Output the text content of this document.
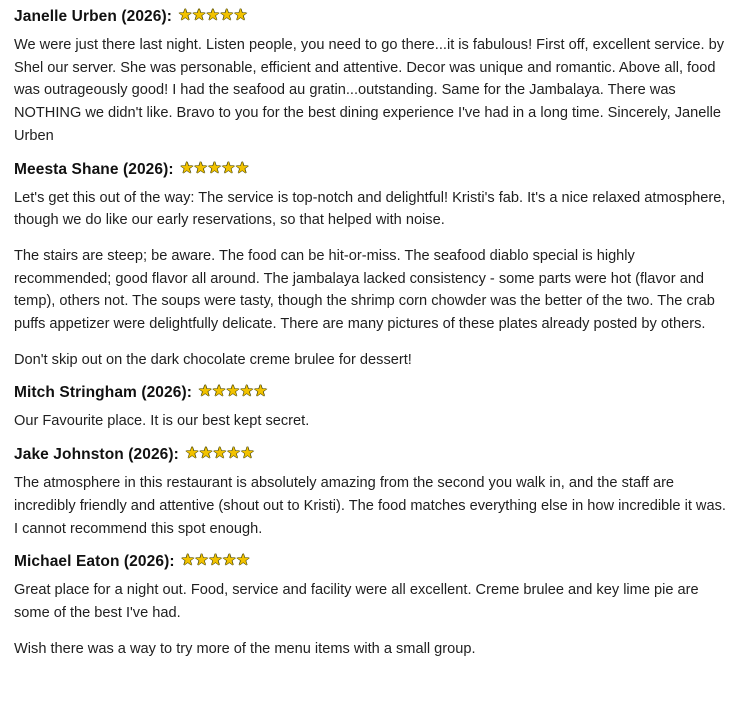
Janelle Urben (2026): ★ ★ ★ ★ ★

We were just there last night. Listen people, you need to go there...it is fabulous! First off, excellent service. by Shel our server. She was personable, efficient and attentive. Decor was unique and romantic. Above all, food was outrageously good! I had the seafood au gratin...outstanding. Same for the Jambalaya. There was NOTHING we didn't like. Bravo to you for the best dining experience I've had in a long time. Sincerely, Janelle Urben

Meesta Shane (2026): ★ ★ ★ ★ ★

Let's get this out of the way: The service is top-notch and delightful! Kristi's fab. It's a nice relaxed atmosphere, though we do like our early reservations, so that helped with noise.

The stairs are steep; be aware. The food can be hit-or-miss. The seafood diablo special is highly recommended; good flavor all around. The jambalaya lacked consistency - some parts were hot (flavor and temp), others not. The soups were tasty, though the shrimp corn chowder was the better of the two. The crab puffs appetizer were delightfully delicate. There are many pictures of these plates already posted by others.

Don't skip out on the dark chocolate creme brulee for dessert!

Mitch Stringham (2026): ★ ★ ★ ★ ★

Our Favourite place. It is our best kept secret.

Jake Johnston (2026): ★ ★ ★ ★ ★

The atmosphere in this restaurant is absolutely amazing from the second you walk in, and the staff are incredibly friendly and attentive (shout out to Kristi). The food matches everything else in how incredible it was. I cannot recommend this spot enough.

Michael Eaton (2026): ★ ★ ★ ★ ★

Great place for a night out. Food, service and facility were all excellent. Creme brulee and key lime pie are some of the best I've had.

Wish there was a way to try more of the menu items with a small group.
